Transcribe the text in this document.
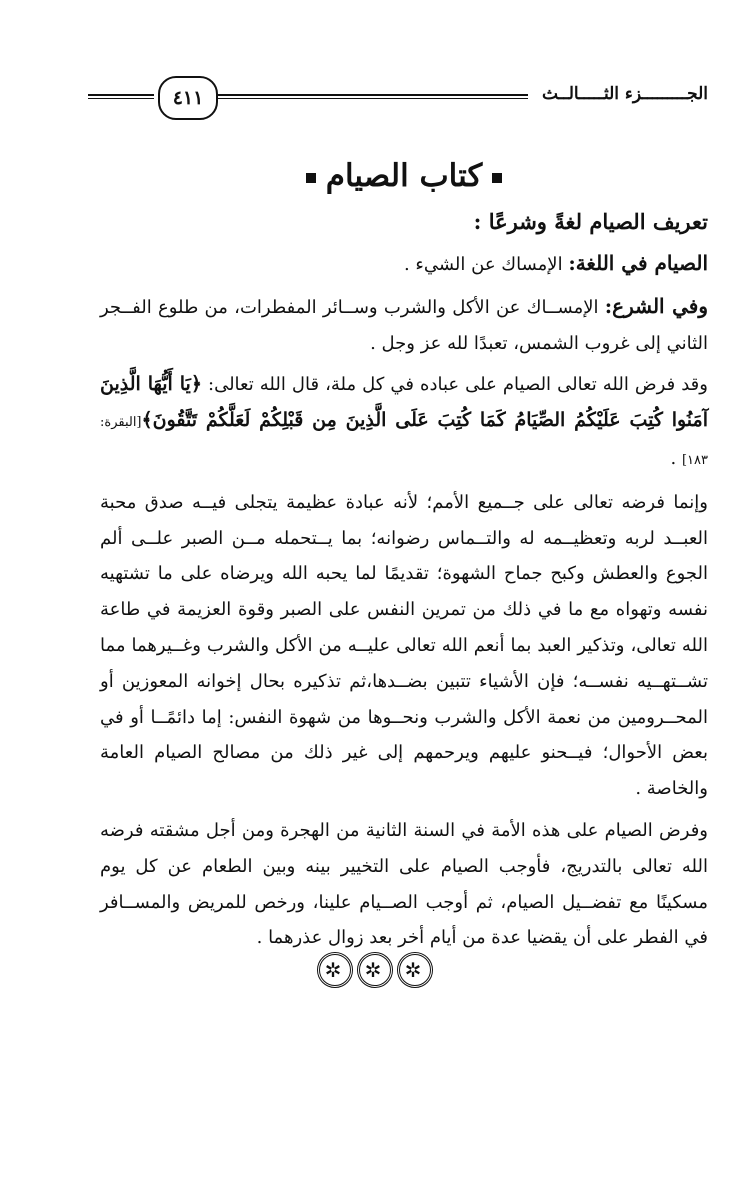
٤١١	الجـــــــــزء الثـــــالــث
كتاب الصيام
تعريف الصيام لغةً وشرعًا :

الصيام في اللغة: الإمساك عن الشيء .

وفي الشرع: الإمســاك عن الأكل والشرب وســائر المفطرات، من طلوع الفــجر الثاني إلى غروب الشمس، تعبدًا لله عز وجل .

وقد فرض الله تعالى الصيام على عباده في كل ملة، قال الله تعالى: ﴿يَا أَيُّهَا الَّذِينَ آمَنُوا كُتِبَ عَلَيْكُمُ الصِّيَامُ كَمَا كُتِبَ عَلَى الَّذِينَ مِن قَبْلِكُمْ لَعَلَّكُمْ تَتَّقُونَ﴾[البقرة: ١٨٣] .

وإنما فرضه تعالى على جــميع الأمم؛ لأنه عبادة عظيمة يتجلى فيــه صدق محبة العبــد لربه وتعظيــمه له والتــماس رضوانه؛ بما يــتحمله مــن الصبر علــى ألم الجوع والعطش وكبح جماح الشهوة؛ تقديمًا لما يحبه الله ويرضاه على ما تشتهيه نفسه وتهواه مع ما في ذلك من تمرين النفس على الصبر وقوة العزيمة في طاعة الله تعالى، وتذكير العبد بما أنعم الله تعالى عليــه من الأكل والشرب وغــيرهما مما تشــتهــيه نفســه؛ فإن الأشياء تتبين بضــدها،ثم تذكيره بحال إخوانه المعوزين أو المحــرومين من نعمة الأكل والشرب ونحــوها من شهوة النفس: إما دائمًــا أو في بعض الأحوال؛ فيــحنو عليهم ويرحمهم إلى غير ذلك من مصالح الصيام العامة والخاصة .

وفرض الصيام على هذه الأمة في السنة الثانية من الهجرة ومن أجل مشقته فرضه الله تعالى بالتدريج، فأوجب الصيام على التخيير بينه وبين الطعام عن كل يوم مسكينًا مع تفضــيل الصيام، ثم أوجب الصــيام علينا، ورخص للمريض والمســافر في الفطر على أن يقضيا عدة من أيام أخر بعد زوال عذرهما .

✲✲✲
